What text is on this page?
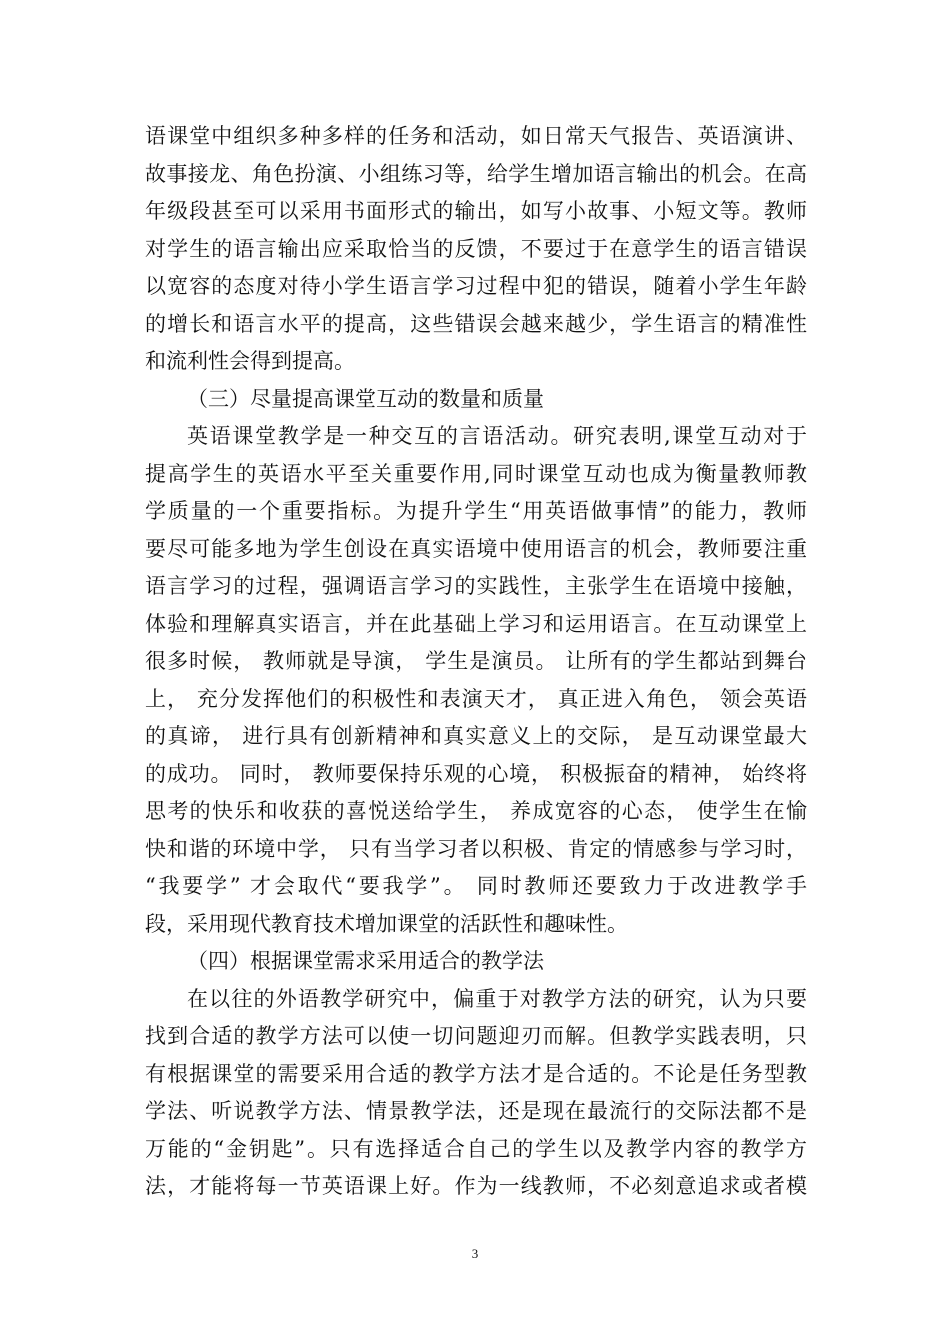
语课堂中组织多种多样的任务和活动，如日常天气报告、英语演讲、
故事接龙、角色扮演、小组练习等，给学生增加语言输出的机会。在高
年级段甚至可以采用书面形式的输出，如写小故事、小短文等。教师
对学生的语言输出应采取恰当的反馈，不要过于在意学生的语言错误
以宽容的态度对待小学生语言学习过程中犯的错误，随着小学生年龄
的增长和语言水平的提高，这些错误会越来越少，学生语言的精准性
和流利性会得到提高。
（三）尽量提高课堂互动的数量和质量
英语课堂教学是一种交互的言语活动。研究表明,课堂互动对于
提高学生的英语水平至关重要作用,同时课堂互动也成为衡量教师教
学质量的一个重要指标。为提升学生“用英语做事情”的能力，教师
要尽可能多地为学生创设在真实语境中使用语言的机会，教师要注重
语言学习的过程，强调语言学习的实践性，主张学生在语境中接触，
体验和理解真实语言，并在此基础上学习和运用语言。在互动课堂上
很多时候， 教师就是导演， 学生是演员。 让所有的学生都站到舞台
上， 充分发挥他们的积极性和表演天才， 真正进入角色， 领会英语
的真谛， 进行具有创新精神和真实意义上的交际， 是互动课堂最大
的成功。 同时， 教师要保持乐观的心境， 积极振奋的精神， 始终将
思考的快乐和收获的喜悦送给学生， 养成宽容的心态， 使学生在愉
快和谐的环境中学， 只有当学习者以积极、肯定的情感参与学习时，
“我要学” 才会取代“要我学”。 同时教师还要致力于改进教学手
段，采用现代教育技术增加课堂的活跃性和趣味性。
（四）根据课堂需求采用适合的教学法
在以往的外语教学研究中，偏重于对教学方法的研究，认为只要
找到合适的教学方法可以使一切问题迎刃而解。但教学实践表明，只
有根据课堂的需要采用合适的教学方法才是合适的。不论是任务型教
学法、听说教学方法、情景教学法，还是现在最流行的交际法都不是
万能的“金钥匙”。只有选择适合自己的学生以及教学内容的教学方
法，才能将每一节英语课上好。作为一线教师，不必刻意追求或者模
3
